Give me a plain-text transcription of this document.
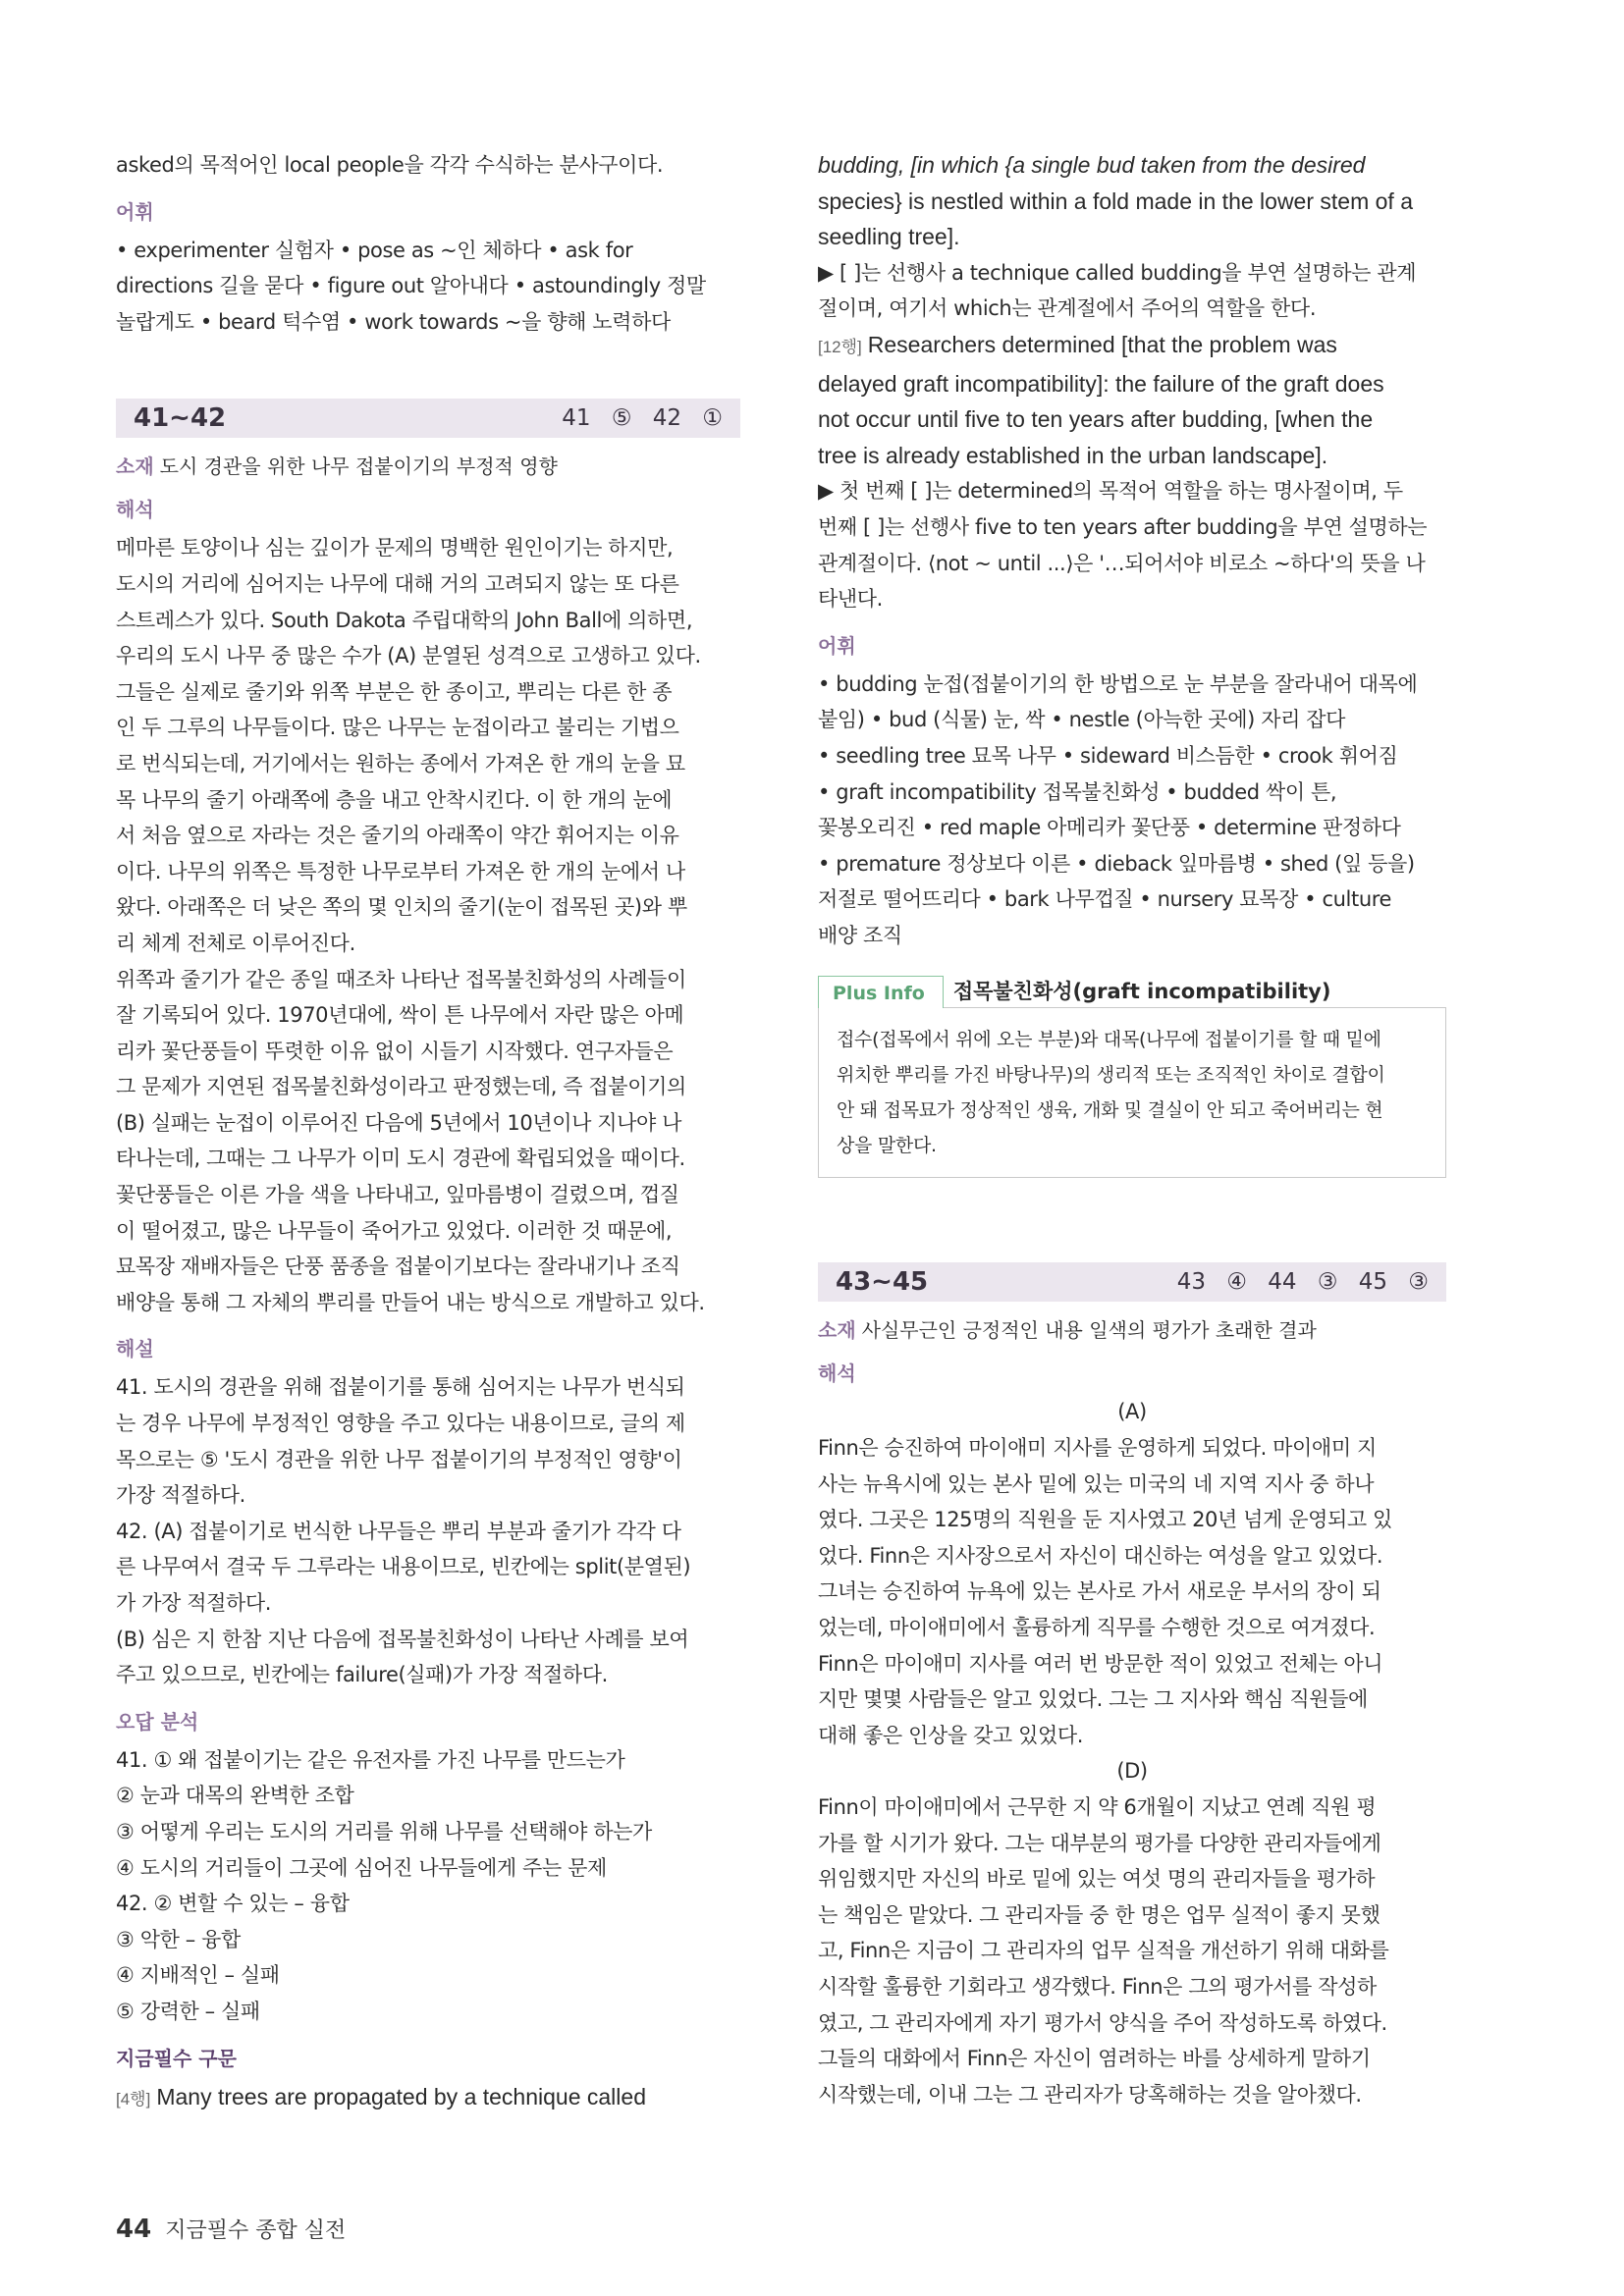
asked의 목적어인 local people을 각각 수식하는 분사구이다.

어휘

• experimenter 실험자 • pose as ~인 체하다 • ask for

directions 길을 묻다 • figure out 알아내다 • astoundingly 정말

놀랍게도 • beard 턱수염 • work towards ~을 향해 노력하다

41~42	41 ⑤ 42 ①
소재 도시 경관을 위한 나무 접붙이기의 부정적 영향
해석

메마른 토양이나 심는 깊이가 문제의 명백한 원인이기는 하지만,

도시의 거리에 심어지는 나무에 대해 거의 고려되지 않는 또 다른

스트레스가 있다. South Dakota 주립대학의 John Ball에 의하면,

우리의 도시 나무 중 많은 수가 (A) 분열된 성격으로 고생하고 있다.

그들은 실제로 줄기와 위쪽 부분은 한 종이고, 뿌리는 다른 한 종

인 두 그루의 나무들이다. 많은 나무는 눈접이라고 불리는 기법으

로 번식되는데, 거기에서는 원하는 종에서 가져온 한 개의 눈을 묘

목 나무의 줄기 아래쪽에 층을 내고 안착시킨다. 이 한 개의 눈에

서 처음 옆으로 자라는 것은 줄기의 아래쪽이 약간 휘어지는 이유

이다. 나무의 위쪽은 특정한 나무로부터 가져온 한 개의 눈에서 나

왔다. 아래쪽은 더 낮은 쪽의 몇 인치의 줄기(눈이 접목된 곳)와 뿌

리 체계 전체로 이루어진다.

위쪽과 줄기가 같은 종일 때조차 나타난 접목불친화성의 사례들이

잘 기록되어 있다. 1970년대에, 싹이 튼 나무에서 자란 많은 아메

리카 꽃단풍들이 뚜렷한 이유 없이 시들기 시작했다. 연구자들은

그 문제가 지연된 접목불친화성이라고 판정했는데, 즉 접붙이기의

(B) 실패는 눈접이 이루어진 다음에 5년에서 10년이나 지나야 나

타나는데, 그때는 그 나무가 이미 도시 경관에 확립되었을 때이다.

꽃단풍들은 이른 가을 색을 나타내고, 잎마름병이 걸렸으며, 껍질

이 떨어졌고, 많은 나무들이 죽어가고 있었다. 이러한 것 때문에,

묘목장 재배자들은 단풍 품종을 접붙이기보다는 잘라내기나 조직

배양을 통해 그 자체의 뿌리를 만들어 내는 방식으로 개발하고 있다.

해설

41. 도시의 경관을 위해 접붙이기를 통해 심어지는 나무가 번식되

는 경우 나무에 부정적인 영향을 주고 있다는 내용이므로, 글의 제

목으로는 ⑤ '도시 경관을 위한 나무 접붙이기의 부정적인 영향'이

가장 적절하다.

42. (A) 접붙이기로 번식한 나무들은 뿌리 부분과 줄기가 각각 다

른 나무여서 결국 두 그루라는 내용이므로, 빈칸에는 split(분열된)

가 가장 적절하다.

(B) 심은 지 한참 지난 다음에 접목불친화성이 나타난 사례를 보여

주고 있으므로, 빈칸에는 failure(실패)가 가장 적절하다.

오답 분석

41. ① 왜 접붙이기는 같은 유전자를 가진 나무를 만드는가

② 눈과 대목의 완벽한 조합

③ 어떻게 우리는 도시의 거리를 위해 나무를 선택해야 하는가

④ 도시의 거리들이 그곳에 심어진 나무들에게 주는 문제

42. ② 변할 수 있는 – 융합

③ 악한 – 융합

④ 지배적인 – 실패

⑤ 강력한 – 실패

지금필수 구문

[4행] Many trees are propagated by a technique called

budding, [in which {a single bud taken from the desired

species} is nestled within a fold made in the lower stem of a

seedling tree].

▶ [ ]는 선행사 a technique called budding을 부연 설명하는 관계

절이며, 여기서 which는 관계절에서 주어의 역할을 한다.

[12행] Researchers determined [that the problem was

delayed graft incompatibility]: the failure of the graft does

not occur until five to ten years after budding, [when the

tree is already established in the urban landscape].

▶ 첫 번째 [ ]는 determined의 목적어 역할을 하는 명사절이며, 두

번째 [ ]는 선행사 five to ten years after budding을 부연 설명하는

관계절이다. ⟨not ~ until ...⟩은 '…되어서야 비로소 ~하다'의 뜻을 나

타낸다.

어휘

• budding 눈접(접붙이기의 한 방법으로 눈 부분을 잘라내어 대목에

붙임) • bud (식물) 눈, 싹 • nestle (아늑한 곳에) 자리 잡다

• seedling tree 묘목 나무 • sideward 비스듬한 • crook 휘어짐

• graft incompatibility 접목불친화성 • budded 싹이 튼,

꽃봉오리진 • red maple 아메리카 꽃단풍 • determine 판정하다

• premature 정상보다 이른 • dieback 잎마름병 • shed (잎 등을)

저절로 떨어뜨리다 • bark 나무껍질 • nursery 묘목장 • culture

배양 조직

Plus Info 접목불친화성(graft incompatibility)

접수(접목에서 위에 오는 부분)와 대목(나무에 접붙이기를 할 때 밑에

위치한 뿌리를 가진 바탕나무)의 생리적 또는 조직적인 차이로 결합이

안 돼 접목묘가 정상적인 생육, 개화 및 결실이 안 되고 죽어버리는 현

상을 말한다.

43~45	43 ④ 44 ③ 45 ③
소재 사실무근인 긍정적인 내용 일색의 평가가 초래한 결과
해석

(A)

Finn은 승진하여 마이애미 지사를 운영하게 되었다. 마이애미 지

사는 뉴욕시에 있는 본사 밑에 있는 미국의 네 지역 지사 중 하나

였다. 그곳은 125명의 직원을 둔 지사였고 20년 넘게 운영되고 있

었다. Finn은 지사장으로서 자신이 대신하는 여성을 알고 있었다.

그녀는 승진하여 뉴욕에 있는 본사로 가서 새로운 부서의 장이 되

었는데, 마이애미에서 훌륭하게 직무를 수행한 것으로 여겨졌다.

Finn은 마이애미 지사를 여러 번 방문한 적이 있었고 전체는 아니

지만 몇몇 사람들은 알고 있었다. 그는 그 지사와 핵심 직원들에

대해 좋은 인상을 갖고 있었다.

(D)

Finn이 마이애미에서 근무한 지 약 6개월이 지났고 연례 직원 평

가를 할 시기가 왔다. 그는 대부분의 평가를 다양한 관리자들에게

위임했지만 자신의 바로 밑에 있는 여섯 명의 관리자들을 평가하

는 책임은 맡았다. 그 관리자들 중 한 명은 업무 실적이 좋지 못했

고, Finn은 지금이 그 관리자의 업무 실적을 개선하기 위해 대화를

시작할 훌륭한 기회라고 생각했다. Finn은 그의 평가서를 작성하

였고, 그 관리자에게 자기 평가서 양식을 주어 작성하도록 하였다.

그들의 대화에서 Finn은 자신이 염려하는 바를 상세하게 말하기

시작했는데, 이내 그는 그 관리자가 당혹해하는 것을 알아챘다.

44 지금필수 종합 실전
